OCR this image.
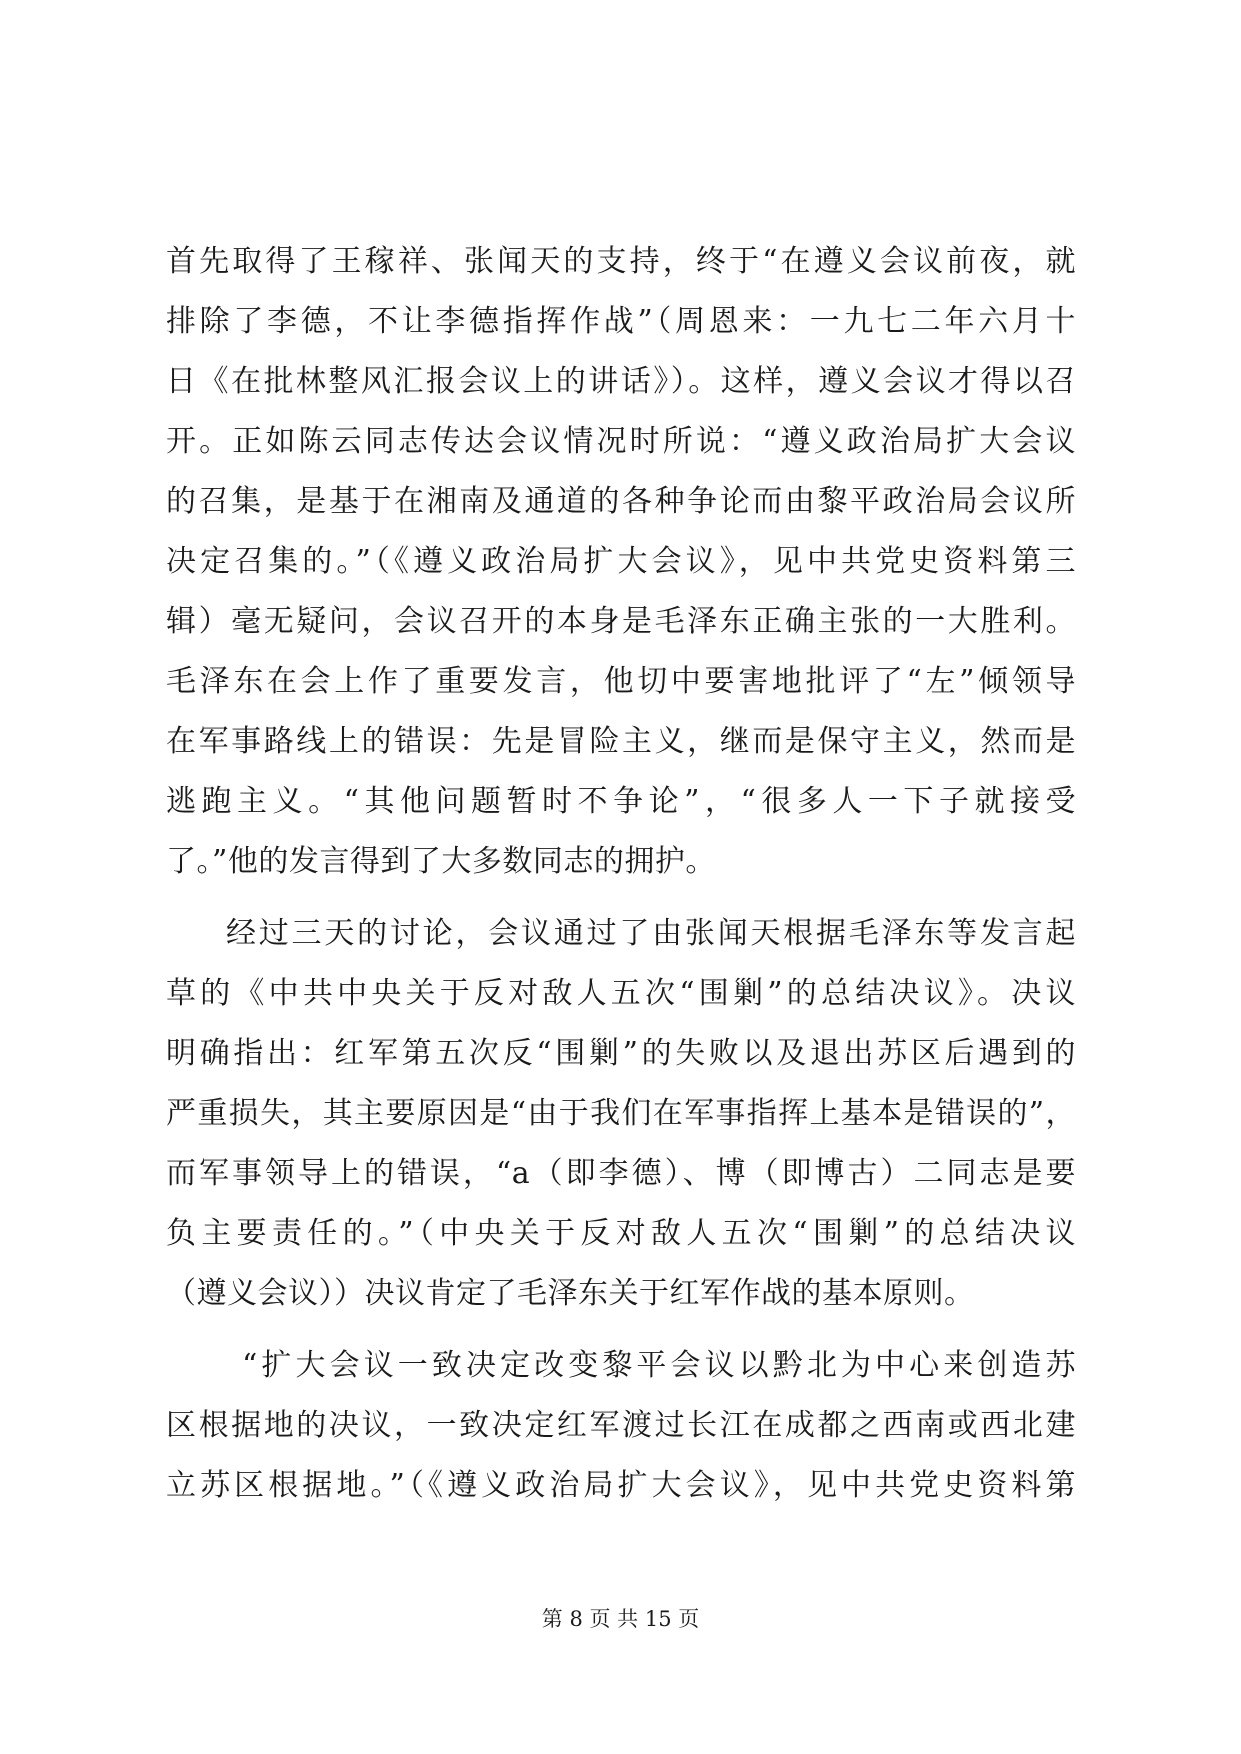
首先取得了王稼祥、张闻天的支持，终于“在遵义会议前夜，就
排除了李德，不让李德指挥作战”（周恩来：一九七二年六月十
日《在批林整风汇报会议上的讲话》）。这样，遵义会议才得以召
开。正如陈云同志传达会议情况时所说：“遵义政治局扩大会议
的召集，是基于在湘南及通道的各种争论而由黎平政治局会议所
决定召集的。”（《遵义政治局扩大会议》，见中共党史资料第三
辑）毫无疑问，会议召开的本身是毛泽东正确主张的一大胜利。
毛泽东在会上作了重要发言，他切中要害地批评了“左”倾领导
在军事路线上的错误：先是冒险主义，继而是保守主义，然而是
逃跑主义。“其他问题暂时不争论”，“很多人一下子就接受
了。”他的发言得到了大多数同志的拥护。
经过三天的讨论，会议通过了由张闻天根据毛泽东等发言起
草的《中共中央关于反对敌人五次“围剿”的总结决议》。决议
明确指出：红军第五次反“围剿”的失败以及退出苏区后遇到的
严重损失，其主要原因是“由于我们在军事指挥上基本是错误的”，
而军事领导上的错误，“a（即李德）、博（即博古）二同志是要
负主要责任的。”（中央关于反对敌人五次“围剿”的总结决议
（遵义会议））决议肯定了毛泽东关于红军作战的基本原则。
“扩大会议一致决定改变黎平会议以黔北为中心来创造苏
区根据地的决议，一致决定红军渡过长江在成都之西南或西北建
立苏区根据地。”（《遵义政治局扩大会议》，见中共党史资料第
第 8 页 共 15 页
